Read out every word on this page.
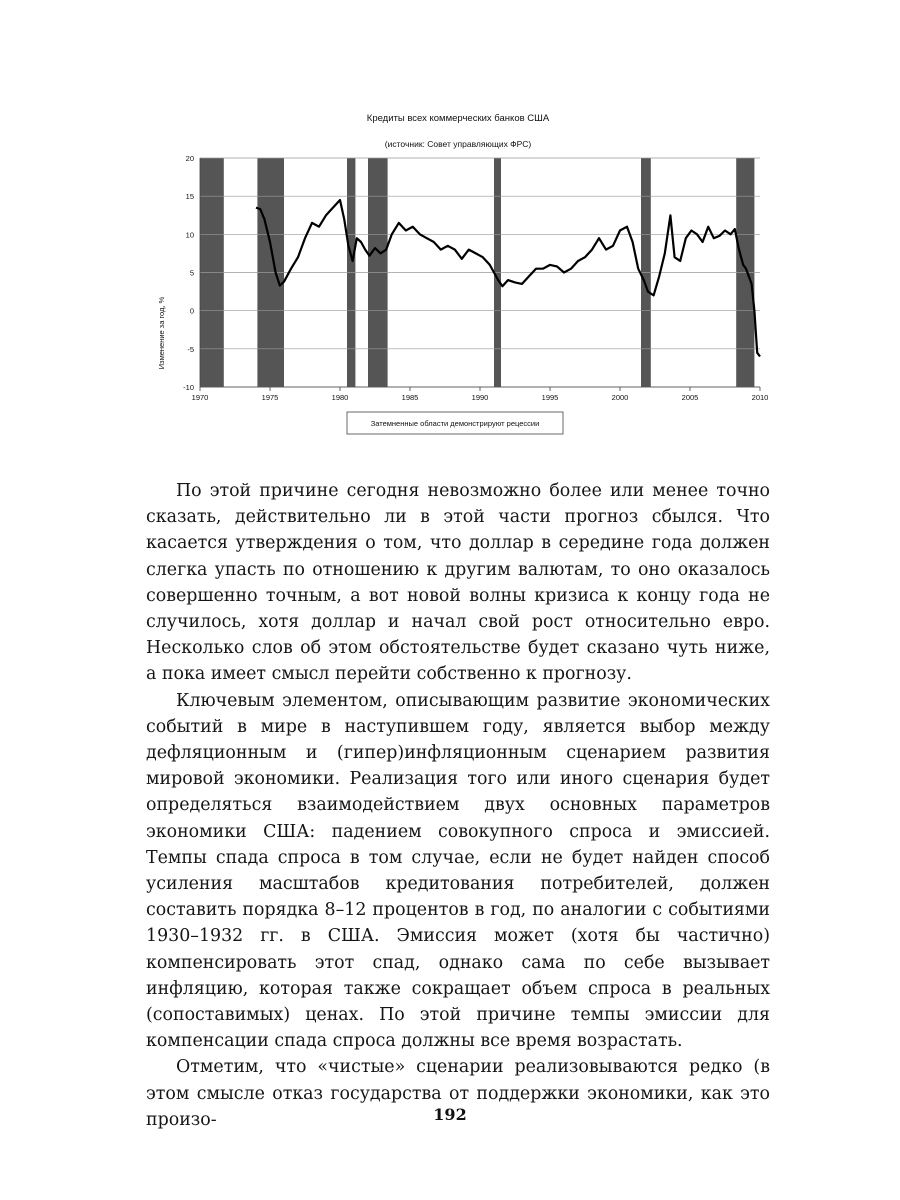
Кредиты всех коммерческих банков США
(источник: Совет управляющих ФРС)
Изменение за год, %
20
15
10
5
0
-5
-10
1970	1975	1980	1985	1990	1995	2000	2005	2010
Затемненные области демонстрируют рецессии

По этой причине сегодня невозможно более или менее точно сказать, действительно ли в этой части прогноз сбылся. Что касается утверждения о том, что доллар в середине года должен слегка упасть по отношению к другим валютам, то оно оказалось совершенно точным, а вот новой волны кризиса к концу года не случилось, хотя доллар и начал свой рост относительно евро. Несколько слов об этом обстоятельстве будет сказано чуть ниже, а пока имеет смысл перейти собственно к прогнозу.

Ключевым элементом, описывающим развитие экономических событий в мире в наступившем году, является выбор между дефляционным и (гипер)инфляционным сценарием развития мировой экономики. Реализация того или иного сценария будет определяться взаимодействием двух основных параметров экономики США: падением совокупного спроса и эмиссией. Темпы спада спроса в том случае, если не будет найден способ усиления масштабов кредитования потребителей, должен составить порядка 8–12 процентов в год, по аналогии с событиями 1930–1932 гг. в США. Эмиссия может (хотя бы частично) компенсировать этот спад, однако сама по себе вызывает инфляцию, которая также сокращает объем спроса в реальных (сопоставимых) ценах. По этой причине темпы эмиссии для компенсации спада спроса должны все время возрастать.

Отметим, что «чистые» сценарии реализовываются редко (в этом смысле отказ государства от поддержки экономики, как это произо-	192
